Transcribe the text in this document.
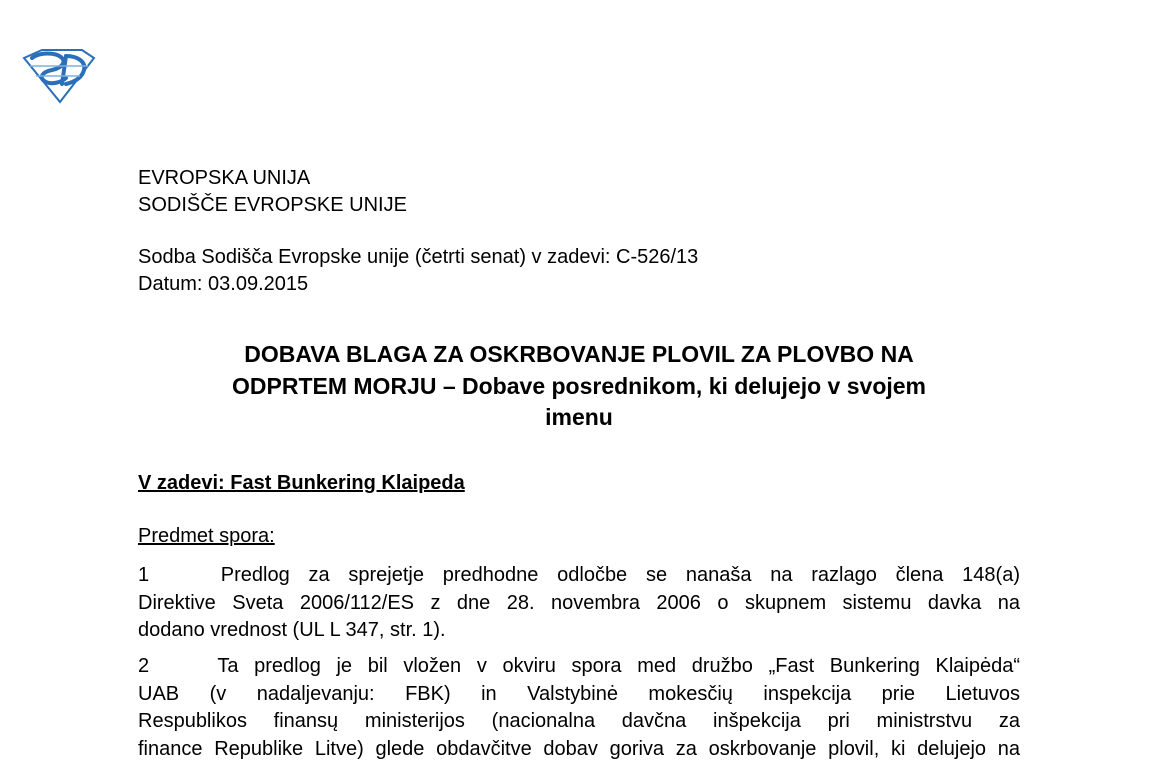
EVROPSKA UNIJA
SODIŠČE EVROPSKE UNIJE
Sodba Sodišča Evropske unije (četrti senat) v zadevi: C-526/13
Datum: 03.09.2015
DOBAVA BLAGA ZA OSKRBOVANJE PLOVIL ZA PLOVBO NA
ODPRTEM MORJU – Dobave posrednikom, ki delujejo v svojem
imenu
V zadevi: Fast Bunkering Klaipeda
Predmet spora:
1	Predlog za sprejetje predhodne odločbe se nanaša na razlago člena 148(a)
Direktive Sveta 2006/112/ES z dne 28. novembra 2006 o skupnem sistemu davka na
dodano vrednost (UL L 347, str. 1).
2	Ta predlog je bil vložen v okviru spora med družbo „Fast Bunkering Klaipėda“
UAB (v nadaljevanju: FBK) in Valstybinė mokesčių inspekcija prie Lietuvos
Respublikos finansų ministerijos (nacionalna davčna inšpekcija pri ministrstvu za
finance Republike Litve) glede obdavčitve dobav goriva za oskrbovanje plovil, ki delujejo na
